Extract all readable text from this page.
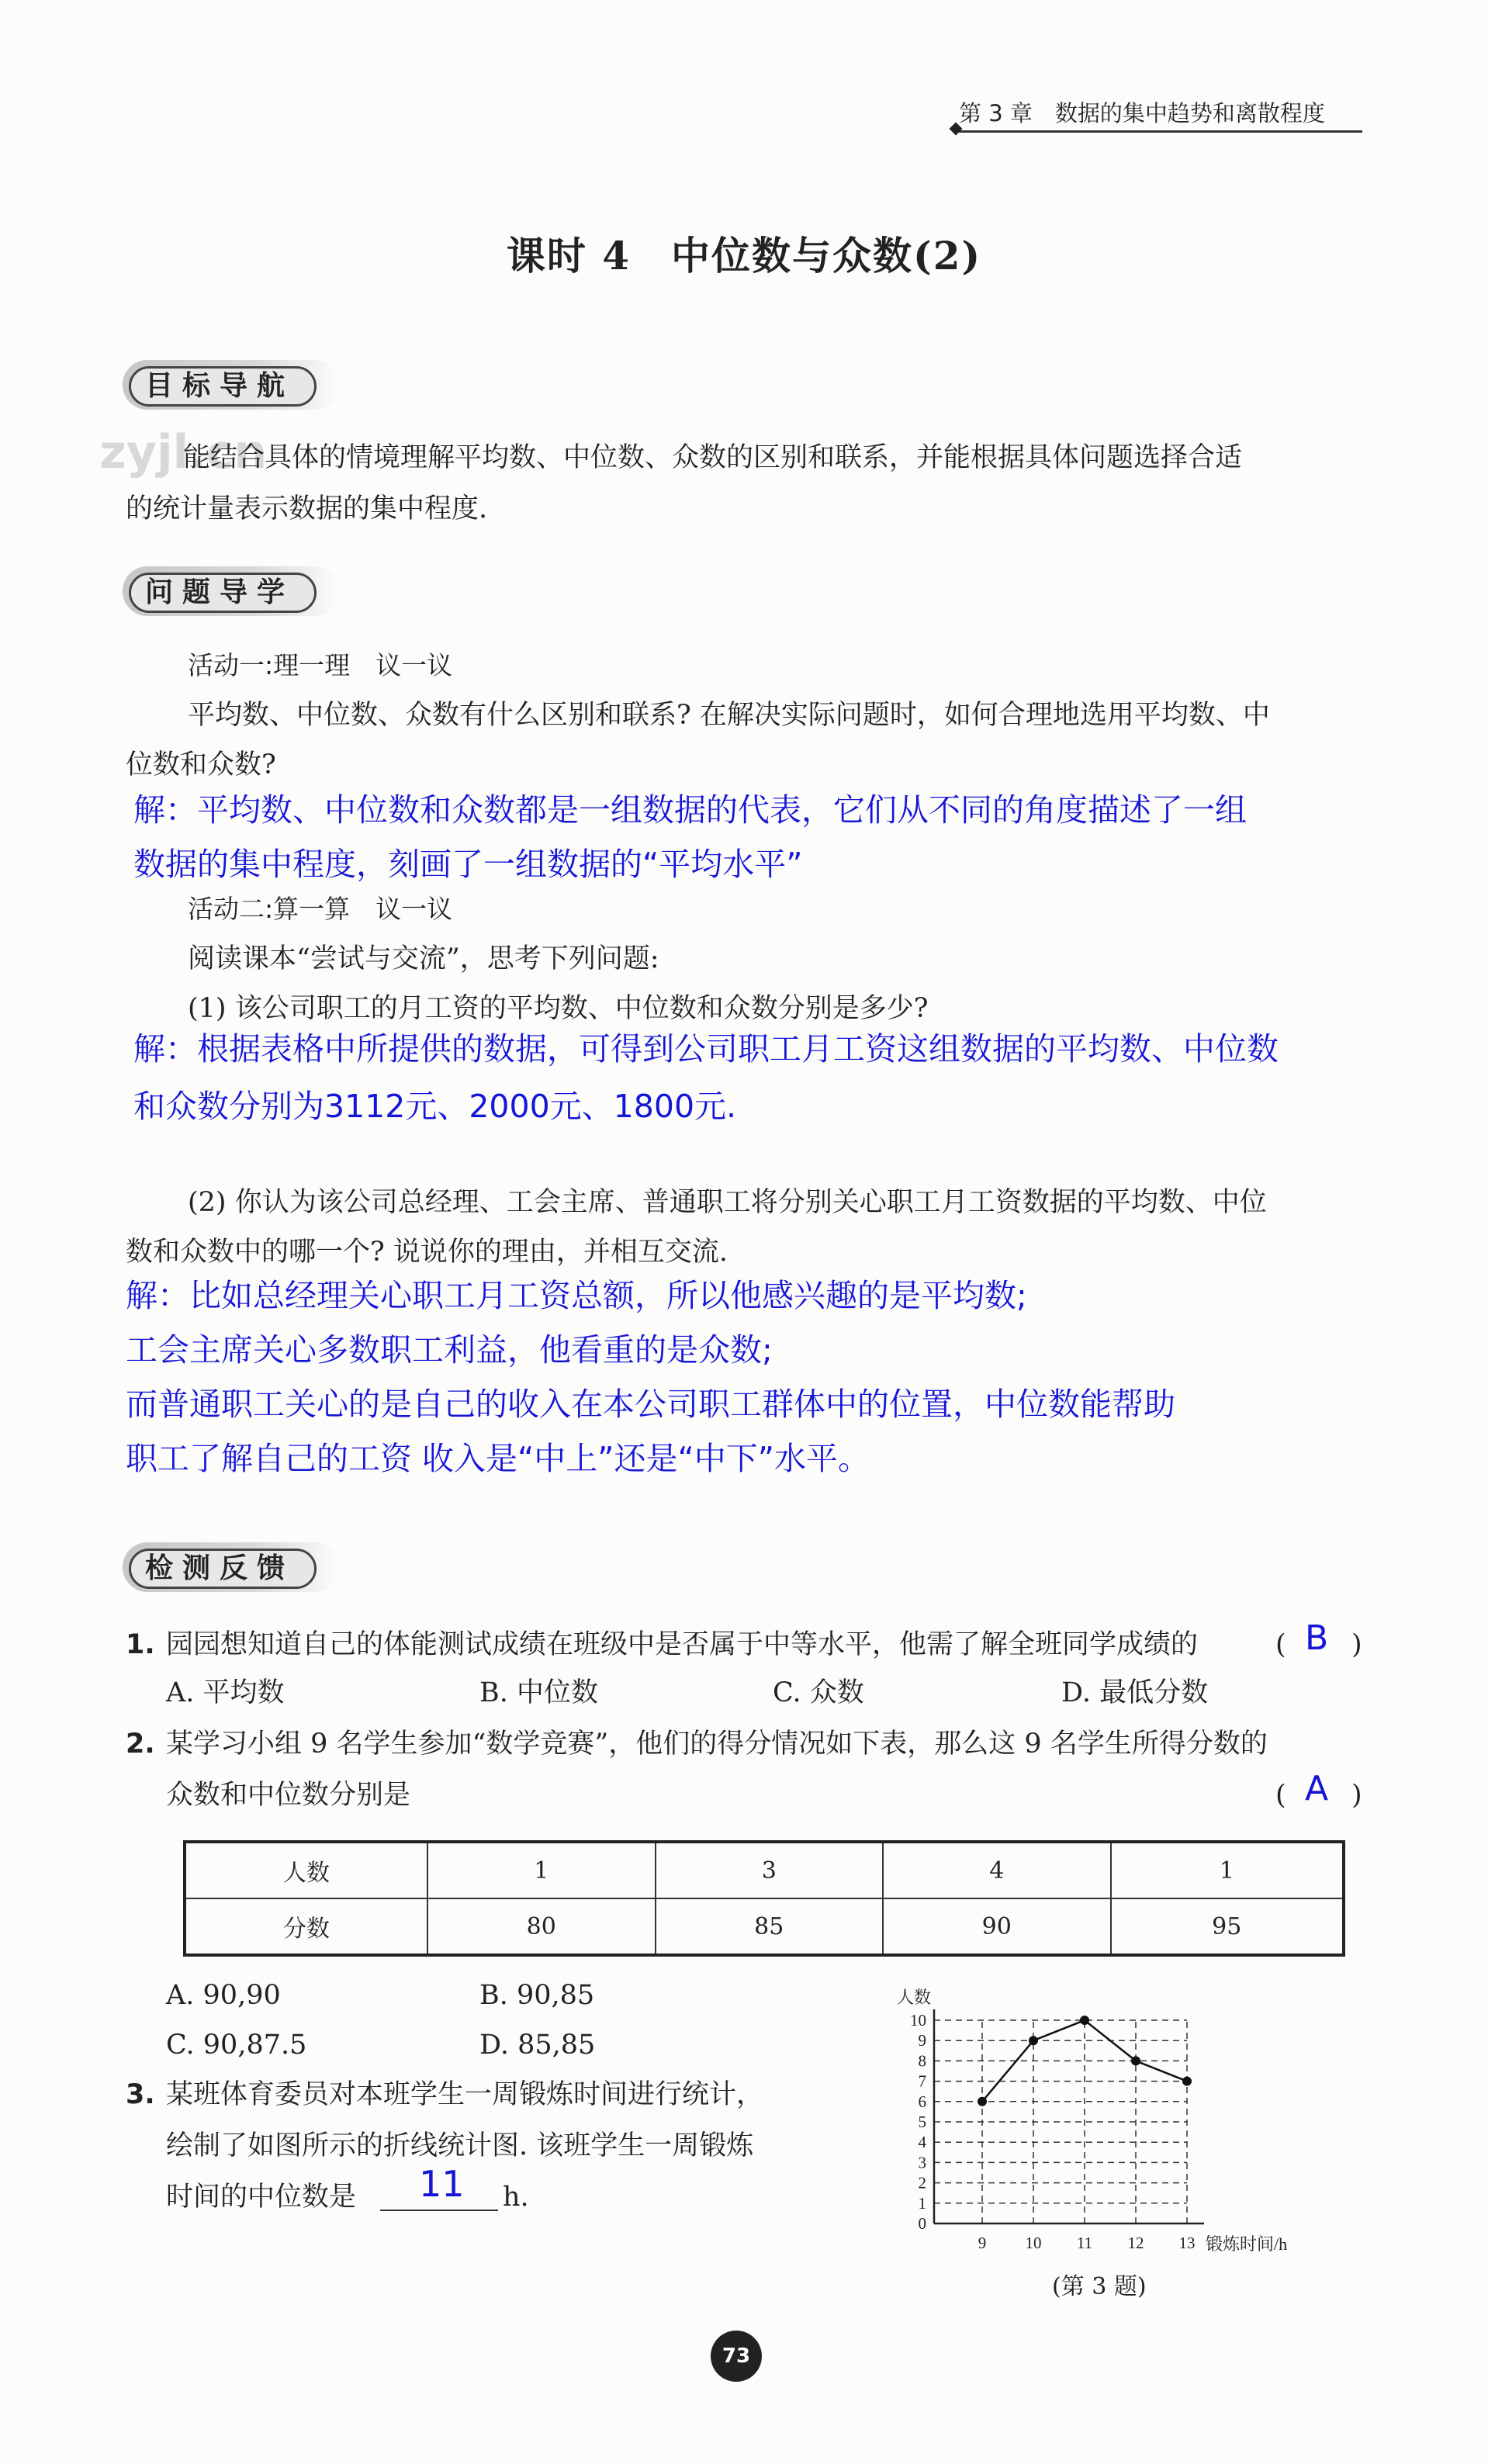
第 3 章　数据的集中趋势和离散程度
课时 4　中位数与众数(2)
目标导航
zyjl.cn
能结合具体的情境理解平均数、中位数、众数的区别和联系，并能根据具体问题选择合适
的统计量表示数据的集中程度.
问题导学
活动一:理一理　议一议
平均数、中位数、众数有什么区别和联系? 在解决实际问题时，如何合理地选用平均数、中
位数和众数?
解：平均数、中位数和众数都是一组数据的代表，它们从不同的角度描述了一组
数据的集中程度，刻画了一组数据的“平均水平”
活动二:算一算　议一议
阅读课本“尝试与交流”，思考下列问题:
(1) 该公司职工的月工资的平均数、中位数和众数分别是多少?
解：根据表格中所提供的数据，可得到公司职工月工资这组数据的平均数、中位数
和众数分别为3112元、2000元、1800元.
(2) 你认为该公司总经理、工会主席、普通职工将分别关心职工月工资数据的平均数、中位
数和众数中的哪一个? 说说你的理由，并相互交流.
解：比如总经理关心职工月工资总额，所以他感兴趣的是平均数;
工会主席关心多数职工利益，他看重的是众数;
而普通职工关心的是自己的收入在本公司职工群体中的位置，中位数能帮助
职工了解自己的工资 收入是“中上”还是“中下”水平。
检测反馈
1. 园园想知道自己的体能测试成绩在班级中是否属于中等水平，他需了解全班同学成绩的	( B )
A. 平均数	B. 中位数	C. 众数	D. 最低分数
2. 某学习小组 9 名学生参加“数学竞赛”，他们的得分情况如下表，那么这 9 名学生所得分数的
众数和中位数分别是	( A )
人数	1	3	4	1
分数	80	85	90	95
A. 90,90	B. 90,85
C. 90,87.5	D. 85,85
3. 某班体育委员对本班学生一周锻炼时间进行统计，
绘制了如图所示的折线统计图. 该班学生一周锻炼
时间的中位数是 11 h.
人数
锻炼时间/h
0
1
2
3
4
5
6
7
8
9
10
9 10 11 12 13
(第 3 题)
73
